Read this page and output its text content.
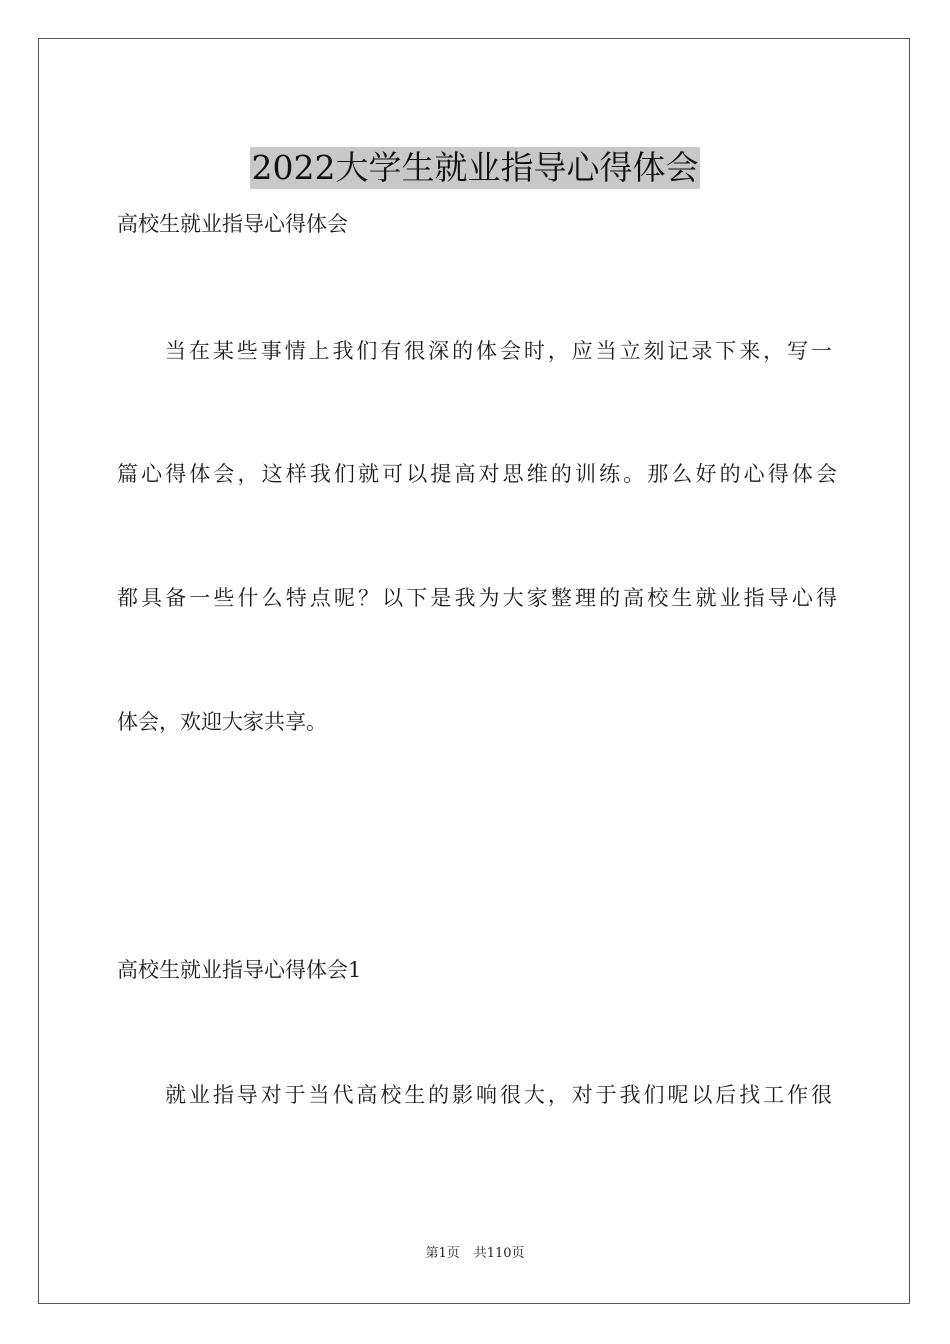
2022大学生就业指导心得体会
高校生就业指导心得体会
当在某些事情上我们有很深的体会时，应当立刻记录下来，写一
篇心得体会，这样我们就可以提高对思维的训练。那么好的心得体会
都具备一些什么特点呢？以下是我为大家整理的高校生就业指导心得
体会，欢迎大家共享。
高校生就业指导心得体会1
就业指导对于当代高校生的影响很大，对于我们呢以后找工作很
第1页 共110页
